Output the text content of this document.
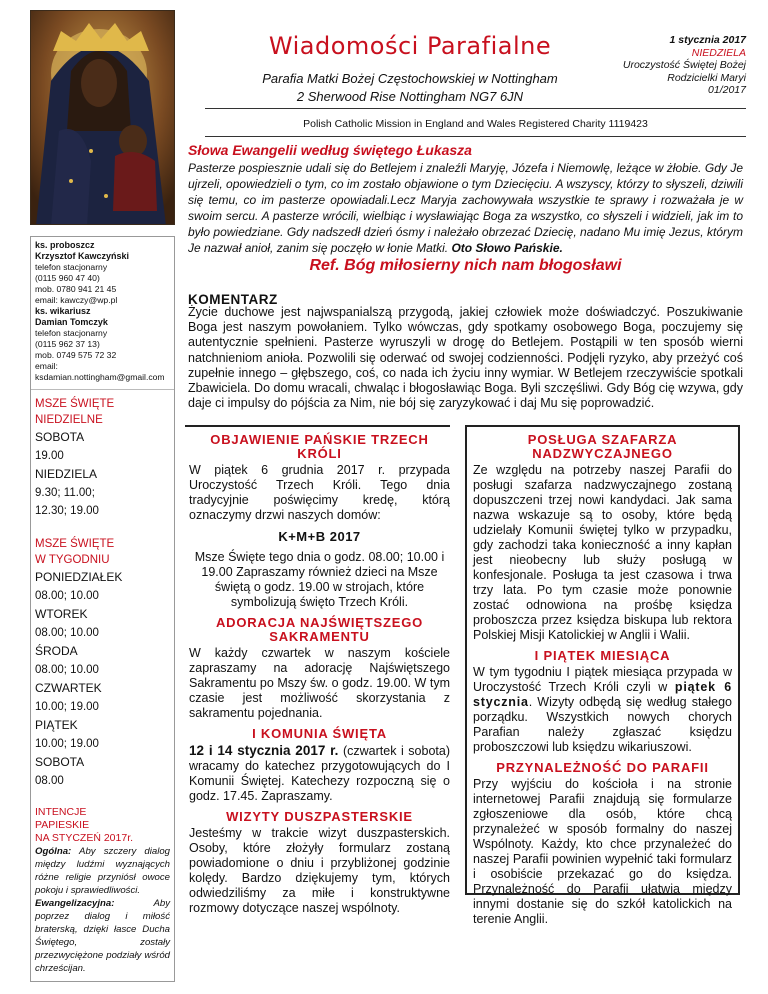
Wiadomości Parafialne
Parafia Matki Bożej Częstochowskiej w Nottingham
2 Sherwood Rise Nottingham NG7 6JN
1 stycznia 2017
NIEDZIELA
Uroczystość Świętej Bożej
Rodzicielki Maryi
01/2017
Polish Catholic Mission in England and Wales Registered Charity 1119423
ks. proboszcz
Krzysztof Kawczyński
telefon stacjonarny
(0115 960 47 40)
mob. 0780 941 21 45
email: kawczy@wp.pl
ks. wikariusz
Damian Tomczyk
telefon stacjonarny
(0115 962 37 13)
mob. 0749 575 72 32
email:
ksdamian.nottingham@gmail.com
MSZE ŚWIĘTE
NIEDZIELNE
SOBOTA
19.00
NIEDZIELA
9.30; 11.00;
12.30; 19.00
MSZE ŚWIĘTE
W TYGODNIU
PONIEDZIAŁEK
08.00; 10.00
WTOREK
08.00; 10.00
ŚRODA
08.00; 10.00
CZWARTEK
10.00; 19.00
PIĄTEK
10.00; 19.00
SOBOTA
08.00
INTENCJE
PAPIESKIE
NA STYCZEŃ 2017r.
Ogólna: Aby szczery dialog między ludźmi wyznających różne religie przyniósł owoce pokoju i sprawiedliwości.
Ewangelizacyjna:	Aby poprzez dialog i miłość braterską, dzięki łasce Ducha Świętego, zostały przezwyciężone podziały wśród chrześcijan.
Słowa Ewangelii według świętego Łukasza
Pasterze pospiesznie udali się do Betlejem i znaleźli Maryję, Józefa i Niemowlę, leżące w żłobie. Gdy Je ujrzeli, opowiedzieli o tym, co im zostało objawione o tym Dziecięciu. A wszyscy, którzy to słyszeli, dziwili się temu, co im pasterze opowiadali.Lecz Maryja zachowywała wszystkie te sprawy i rozważała je w swoim sercu. A pasterze wrócili, wielbiąc i wysławiając Boga za wszystko, co słyszeli i widzieli, jak im to było powiedziane. Gdy nadszedł dzień ósmy i należało obrzezać Dziecię, nadano Mu imię Jezus, którym Je nazwał anioł, zanim się poczęło w łonie Matki. Oto Słowo Pańskie.
Ref. Bóg miłosierny nich nam błogosławi
KOMENTARZ
Życie duchowe jest najwspanialszą przygodą, jakiej człowiek może doświadczyć. Poszukiwanie Boga jest naszym powołaniem. Tylko wówczas, gdy spotkamy osobowego Boga, poczujemy się autentycznie spełnieni. Pasterze wyruszyli w drogę do Betlejem. Postąpili w ten sposób wierni natchnieniom anioła. Pozwolili się oderwać od swojej codzienności. Podjęli ryzyko, aby przeżyć coś zupełnie innego – głębszego, coś, co nada ich życiu inny wymiar. W Betlejem rzeczywiście spotkali Zbawiciela. Do domu wracali, chwaląc i błogosławiąc Boga. Byli szczęśliwi. Gdy Bóg cię wzywa, gdy daje ci impulsy do pójścia za Nim, nie bój się zaryzykować i daj Mu się poprowadzić.
OBJAWIENIE PAŃSKIE TRZECH KRÓLI
W piątek 6 grudnia 2017 r. przypada Uroczystość Trzech Króli. Tego dnia tradycyjnie poświęcimy kredę, którą oznaczymy drzwi naszych domów:
K+M+B 2017
Msze Święte tego dnia o godz. 08.00; 10.00 i 19.00 Zapraszamy również dzieci na Msze świętą o godz. 19.00 w strojach, które symbolizują święto Trzech Króli.
ADORACJA NAJŚWIĘTSZEGO SAKRAMENTU
W każdy czwartek w naszym kościele zapraszamy na adorację Najświętszego Sakramentu po Mszy św. o godz. 19.00. W tym czasie jest możliwość skorzystania z sakramentu pojednania.
I KOMUNIA ŚWIĘTA
12 i 14 stycznia 2017 r. (czwartek i sobota) wracamy do katechez przygotowujących do I Komunii Świętej. Katechezy rozpoczną się o godz. 17.45. Zapraszamy.
WIZYTY DUSZPASTERSKIE
Jesteśmy w trakcie wizyt duszpasterskich. Osoby, które złożyły formularz zostaną powiadomione o dniu i przybliżonej godzinie kolędy. Bardzo dziękujemy tym, których odwiedziliśmy za miłe i konstruktywne rozmowy dotyczące naszej wspólnoty.
POSŁUGA SZAFARZA NADZWYCZAJNEGO
Ze względu na potrzeby naszej Parafii do posługi szafarza nadzwyczajnego zostaną dopuszczeni trzej nowi kandydaci. Jak sama nazwa wskazuje są to osoby, które będą udzielały Komunii świętej tylko w przypadku, gdy zachodzi taka konieczność a inny kapłan jest nieobecny lub służy posługą w konfesjonale. Posługa ta jest czasowa i trwa trzy lata. Po tym czasie może ponownie zostać odnowiona na prośbę księdza proboszcza przez księdza biskupa lub rektora Polskiej Misji Katolickiej w Anglii i Walii.
I PIĄTEK MIESIĄCA
W tym tygodniu I piątek miesiąca przypada w Uroczystość Trzech Króli czyli w piątek 6 stycznia. Wizyty odbędą się według stałego porządku. Wszystkich nowych chorych Parafian należy zgłaszać księdzu proboszczowi lub księdzu wikariuszowi.
PRZYNALEŻNOŚĆ DO PARAFII
Przy wyjściu do kościoła i na stronie internetowej Parafii znajdują się formularze zgłoszeniowe dla osób, które chcą przynależeć w sposób formalny do naszej Wspólnoty. Każdy, kto chce przynależeć do naszej Parafii powinien wypełnić taki formularz i osobiście przekazać go do księdza. Przynależność do Parafii ułatwia między innymi dostanie się do szkół katolickich na terenie Anglii.
